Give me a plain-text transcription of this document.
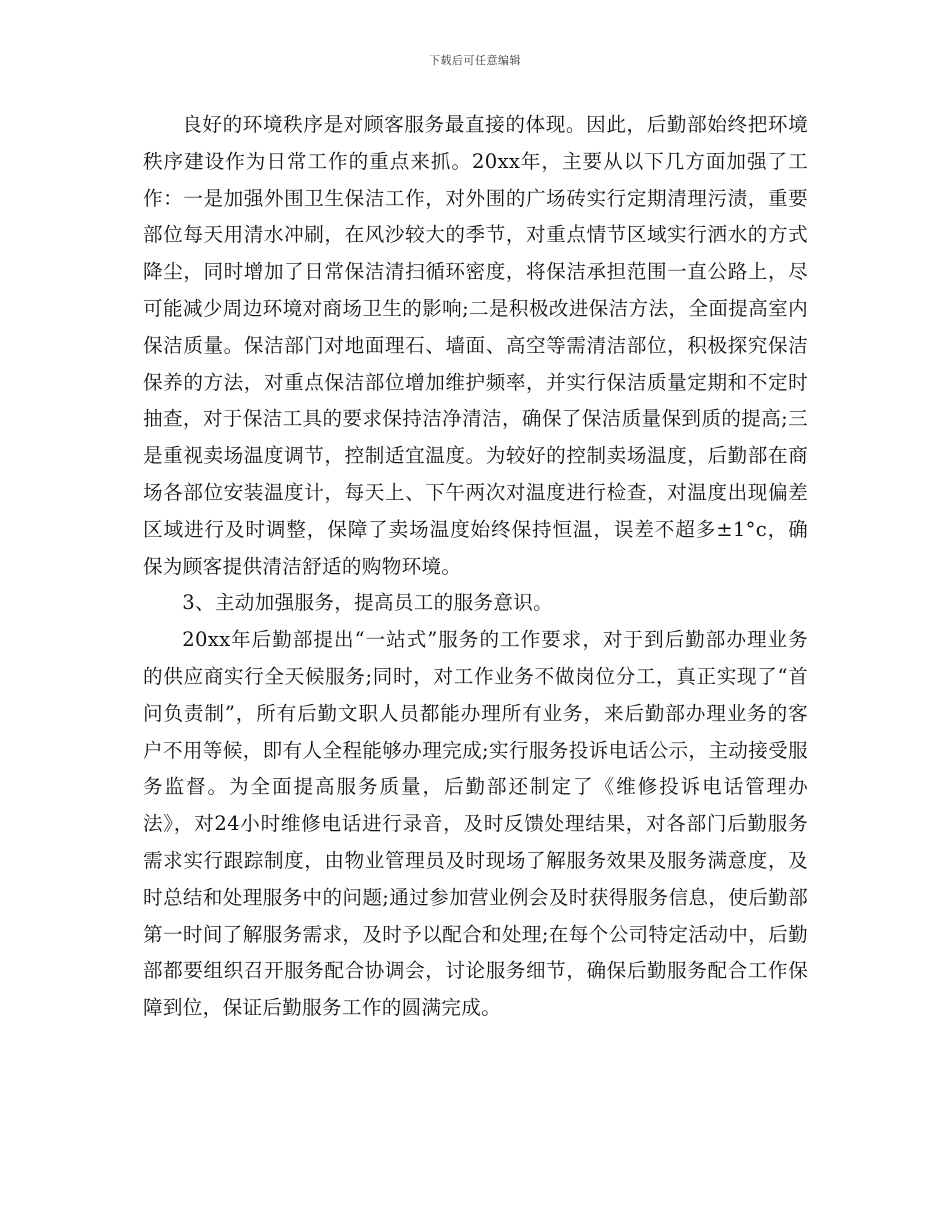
下载后可任意编辑

良好的环境秩序是对顾客服务最直接的体现。因此，后勤部始终把环境秩序建设作为日常工作的重点来抓。20xx年，主要从以下几方面加强了工作：一是加强外围卫生保洁工作，对外围的广场砖实行定期清理污渍，重要部位每天用清水冲刷，在风沙较大的季节，对重点情节区域实行洒水的方式降尘，同时增加了日常保洁清扫循环密度，将保洁承担范围一直公路上，尽可能减少周边环境对商场卫生的影响;二是积极改进保洁方法，全面提高室内保洁质量。保洁部门对地面理石、墙面、高空等需清洁部位，积极探究保洁保养的方法，对重点保洁部位增加维护频率，并实行保洁质量定期和不定时抽查，对于保洁工具的要求保持洁净清洁，确保了保洁质量保到质的提高;三是重视卖场温度调节，控制适宜温度。为较好的控制卖场温度，后勤部在商场各部位安装温度计，每天上、下午两次对温度进行检查，对温度出现偏差区域进行及时调整，保障了卖场温度始终保持恒温，误差不超多±1°c，确保为顾客提供清洁舒适的购物环境。

3、主动加强服务，提高员工的服务意识。

20xx年后勤部提出“一站式”服务的工作要求，对于到后勤部办理业务的供应商实行全天候服务;同时，对工作业务不做岗位分工，真正实现了“首问负责制”，所有后勤文职人员都能办理所有业务，来后勤部办理业务的客户不用等候，即有人全程能够办理完成;实行服务投诉电话公示，主动接受服务监督。为全面提高服务质量，后勤部还制定了《维修投诉电话管理办法》，对24小时维修电话进行录音，及时反馈处理结果，对各部门后勤服务需求实行跟踪制度，由物业管理员及时现场了解服务效果及服务满意度，及时总结和处理服务中的问题;通过参加营业例会及时获得服务信息，使后勤部第一时间了解服务需求，及时予以配合和处理;在每个公司特定活动中，后勤部都要组织召开服务配合协调会，讨论服务细节，确保后勤服务配合工作保障到位，保证后勤服务工作的圆满完成。
